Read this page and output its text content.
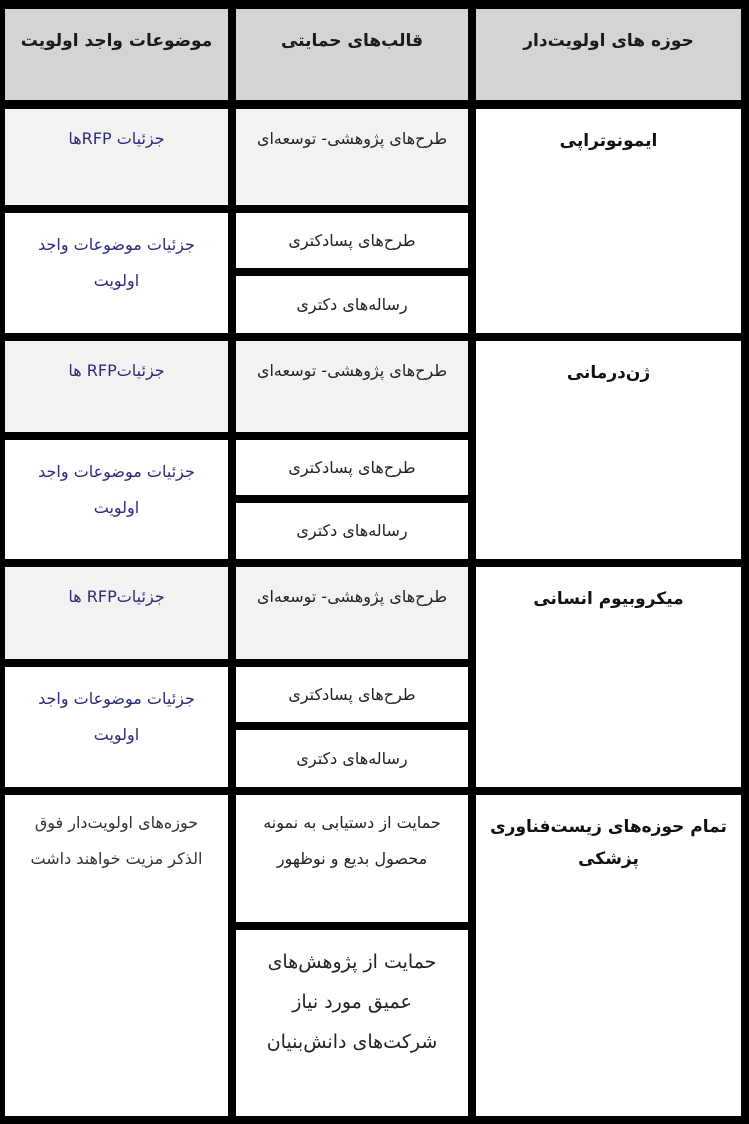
حوزه های اولویت‌دار
قالب‌های حمایتی
موضوعات واجد اولویت
ایمونوتراپی
طرح‌های پژوهشی- توسعه‌ای
طرح‌های پسادکتری
رساله‌های دکتری
جزئیات RFPها
جزئیات موضوعات واجد اولویت
ژن‌درمانی
طرح‌های پژوهشی- توسعه‌ای
طرح‌های پسادکتری
رساله‌های دکتری
جزئیاتRFP ها
جزئیات موضوعات واجد اولویت
میکروبیوم انسانی
طرح‌های پژوهشی- توسعه‌ای
طرح‌های پسادکتری
رساله‌های دکتری
جزئیاتRFP ها
جزئیات موضوعات واجد اولویت
تمام حوزه‌های زیست‌فناوری پزشکی
حمایت از دستیابی به نمونه محصول بدیع و نوظهور
حمایت از پژوهش‌های عمیق مورد نیاز شرکت‌های دانش‌بنیان
حوزه‌های اولویت‌دار فوق الذکر مزیت خواهند داشت
